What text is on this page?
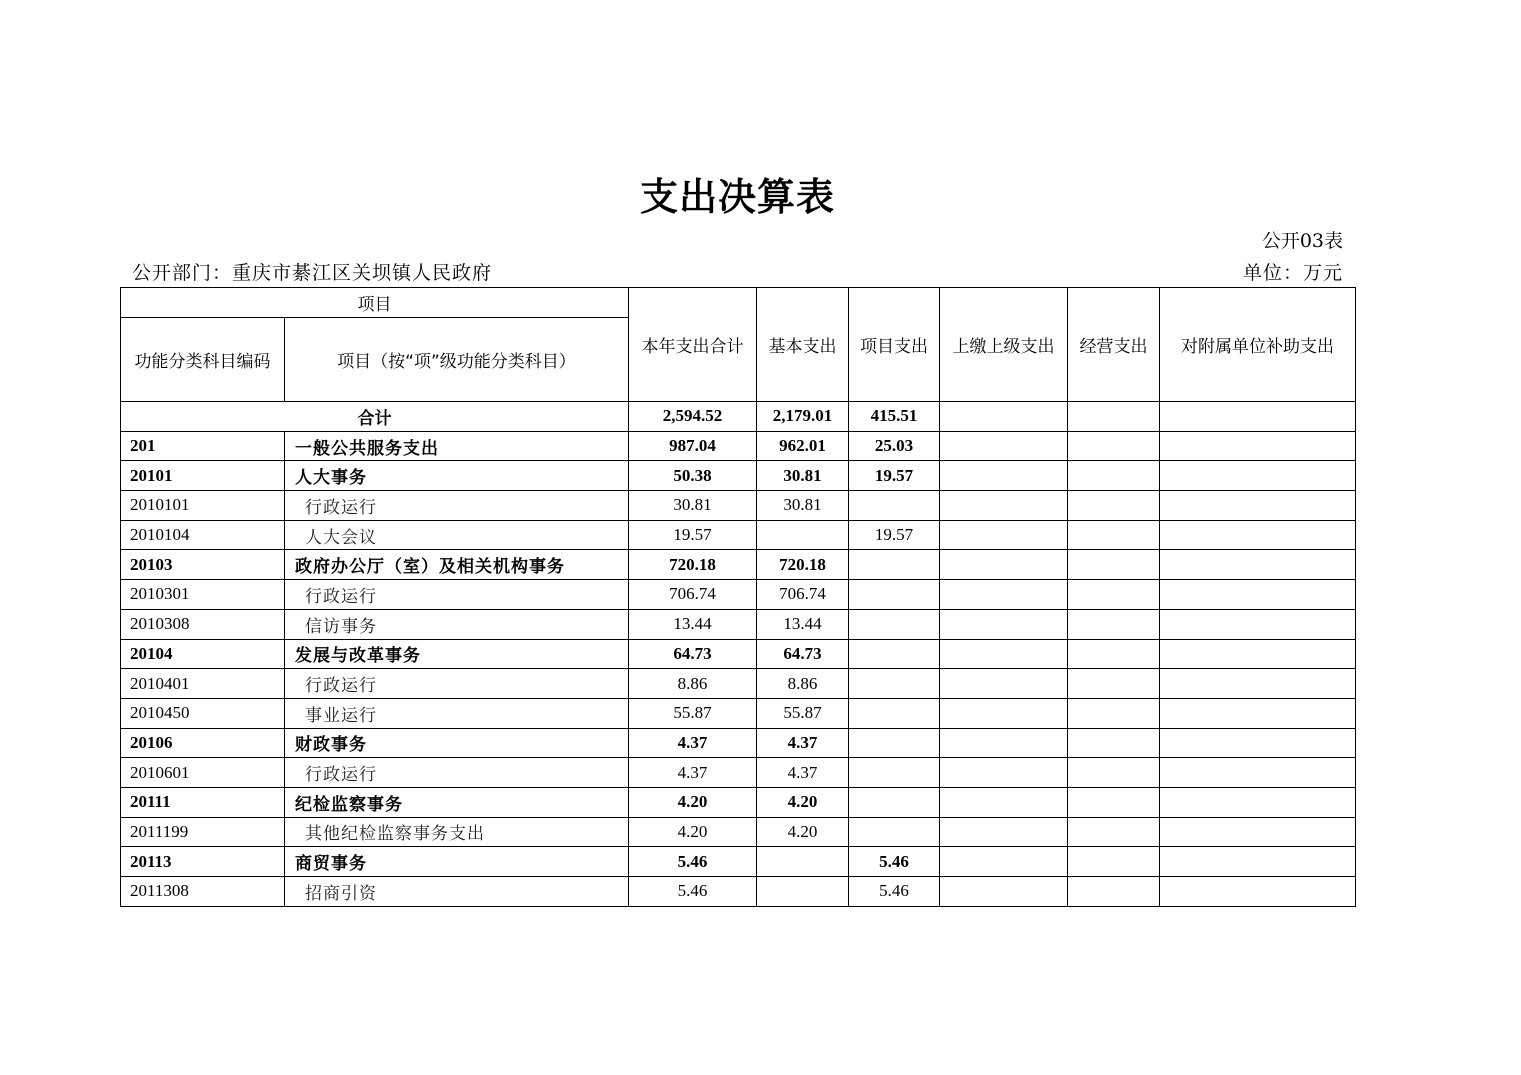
支出决算表
公开03表
公开部门：重庆市綦江区关坝镇人民政府	单位：万元
项目		本年支出合计	基本支出	项目支出	上缴上级支出	经营支出	对附属单位补助支出
功能分类科目编码	项目（按“项”级功能分类科目）						
合计		2,594.52	2,179.01	415.51			
201	一般公共服务支出	987.04	962.01	25.03			
20101	人大事务	50.38	30.81	19.57			
2010101	行政运行	30.81	30.81				
2010104	人大会议	19.57		19.57			
20103	政府办公厅（室）及相关机构事务	720.18	720.18				
2010301	行政运行	706.74	706.74				
2010308	信访事务	13.44	13.44				
20104	发展与改革事务	64.73	64.73				
2010401	行政运行	8.86	8.86				
2010450	事业运行	55.87	55.87				
20106	财政事务	4.37	4.37				
2010601	行政运行	4.37	4.37				
20111	纪检监察事务	4.20	4.20				
2011199	其他纪检监察事务支出	4.20	4.20				
20113	商贸事务	5.46		5.46			
2011308	招商引资	5.46		5.46			
